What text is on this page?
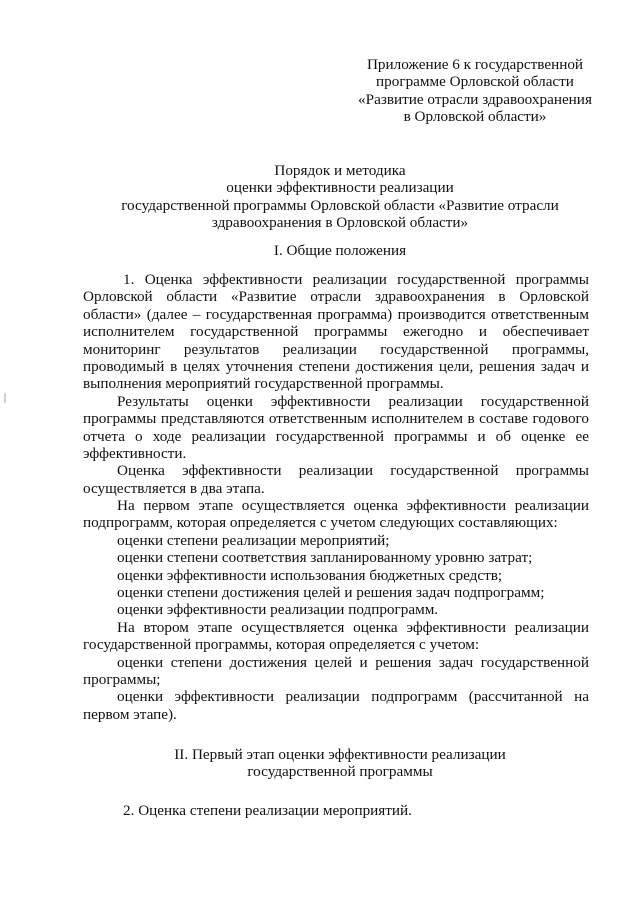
Приложение 6 к государственной
программе Орловской области
«Развитие отрасли здравоохранения
в Орловской области»
Порядок и методика
оценки эффективности реализации
государственной программы Орловской области «Развитие отрасли
здравоохранения в Орловской области»
I. Общие положения
1. Оценка эффективности реализации государственной программы
Орловской области «Развитие отрасли здравоохранения в Орловской
области» (далее – государственная программа) производится ответственным
исполнителем государственной программы ежегодно и обеспечивает
мониторинг результатов реализации государственной программы,
проводимый в целях уточнения степени достижения цели, решения задач и
выполнения мероприятий государственной программы.
Результаты оценки эффективности реализации государственной
программы представляются ответственным исполнителем в составе годового
отчета о ходе реализации государственной программы и об оценке ее
эффективности.
Оценка эффективности реализации государственной программы
осуществляется в два этапа.
На первом этапе осуществляется оценка эффективности реализации
подпрограмм, которая определяется с учетом следующих составляющих:
оценки степени реализации мероприятий;
оценки степени соответствия запланированному уровню затрат;
оценки эффективности использования бюджетных средств;
оценки степени достижения целей и решения задач подпрограмм;
оценки эффективности реализации подпрограмм.
На втором этапе осуществляется оценка эффективности реализации
государственной программы, которая определяется с учетом:
оценки степени достижения целей и решения задач государственной
программы;
оценки эффективности реализации подпрограмм (рассчитанной на
первом этапе).
II. Первый этап оценки эффективности реализации
государственной программы
2. Оценка степени реализации мероприятий.
